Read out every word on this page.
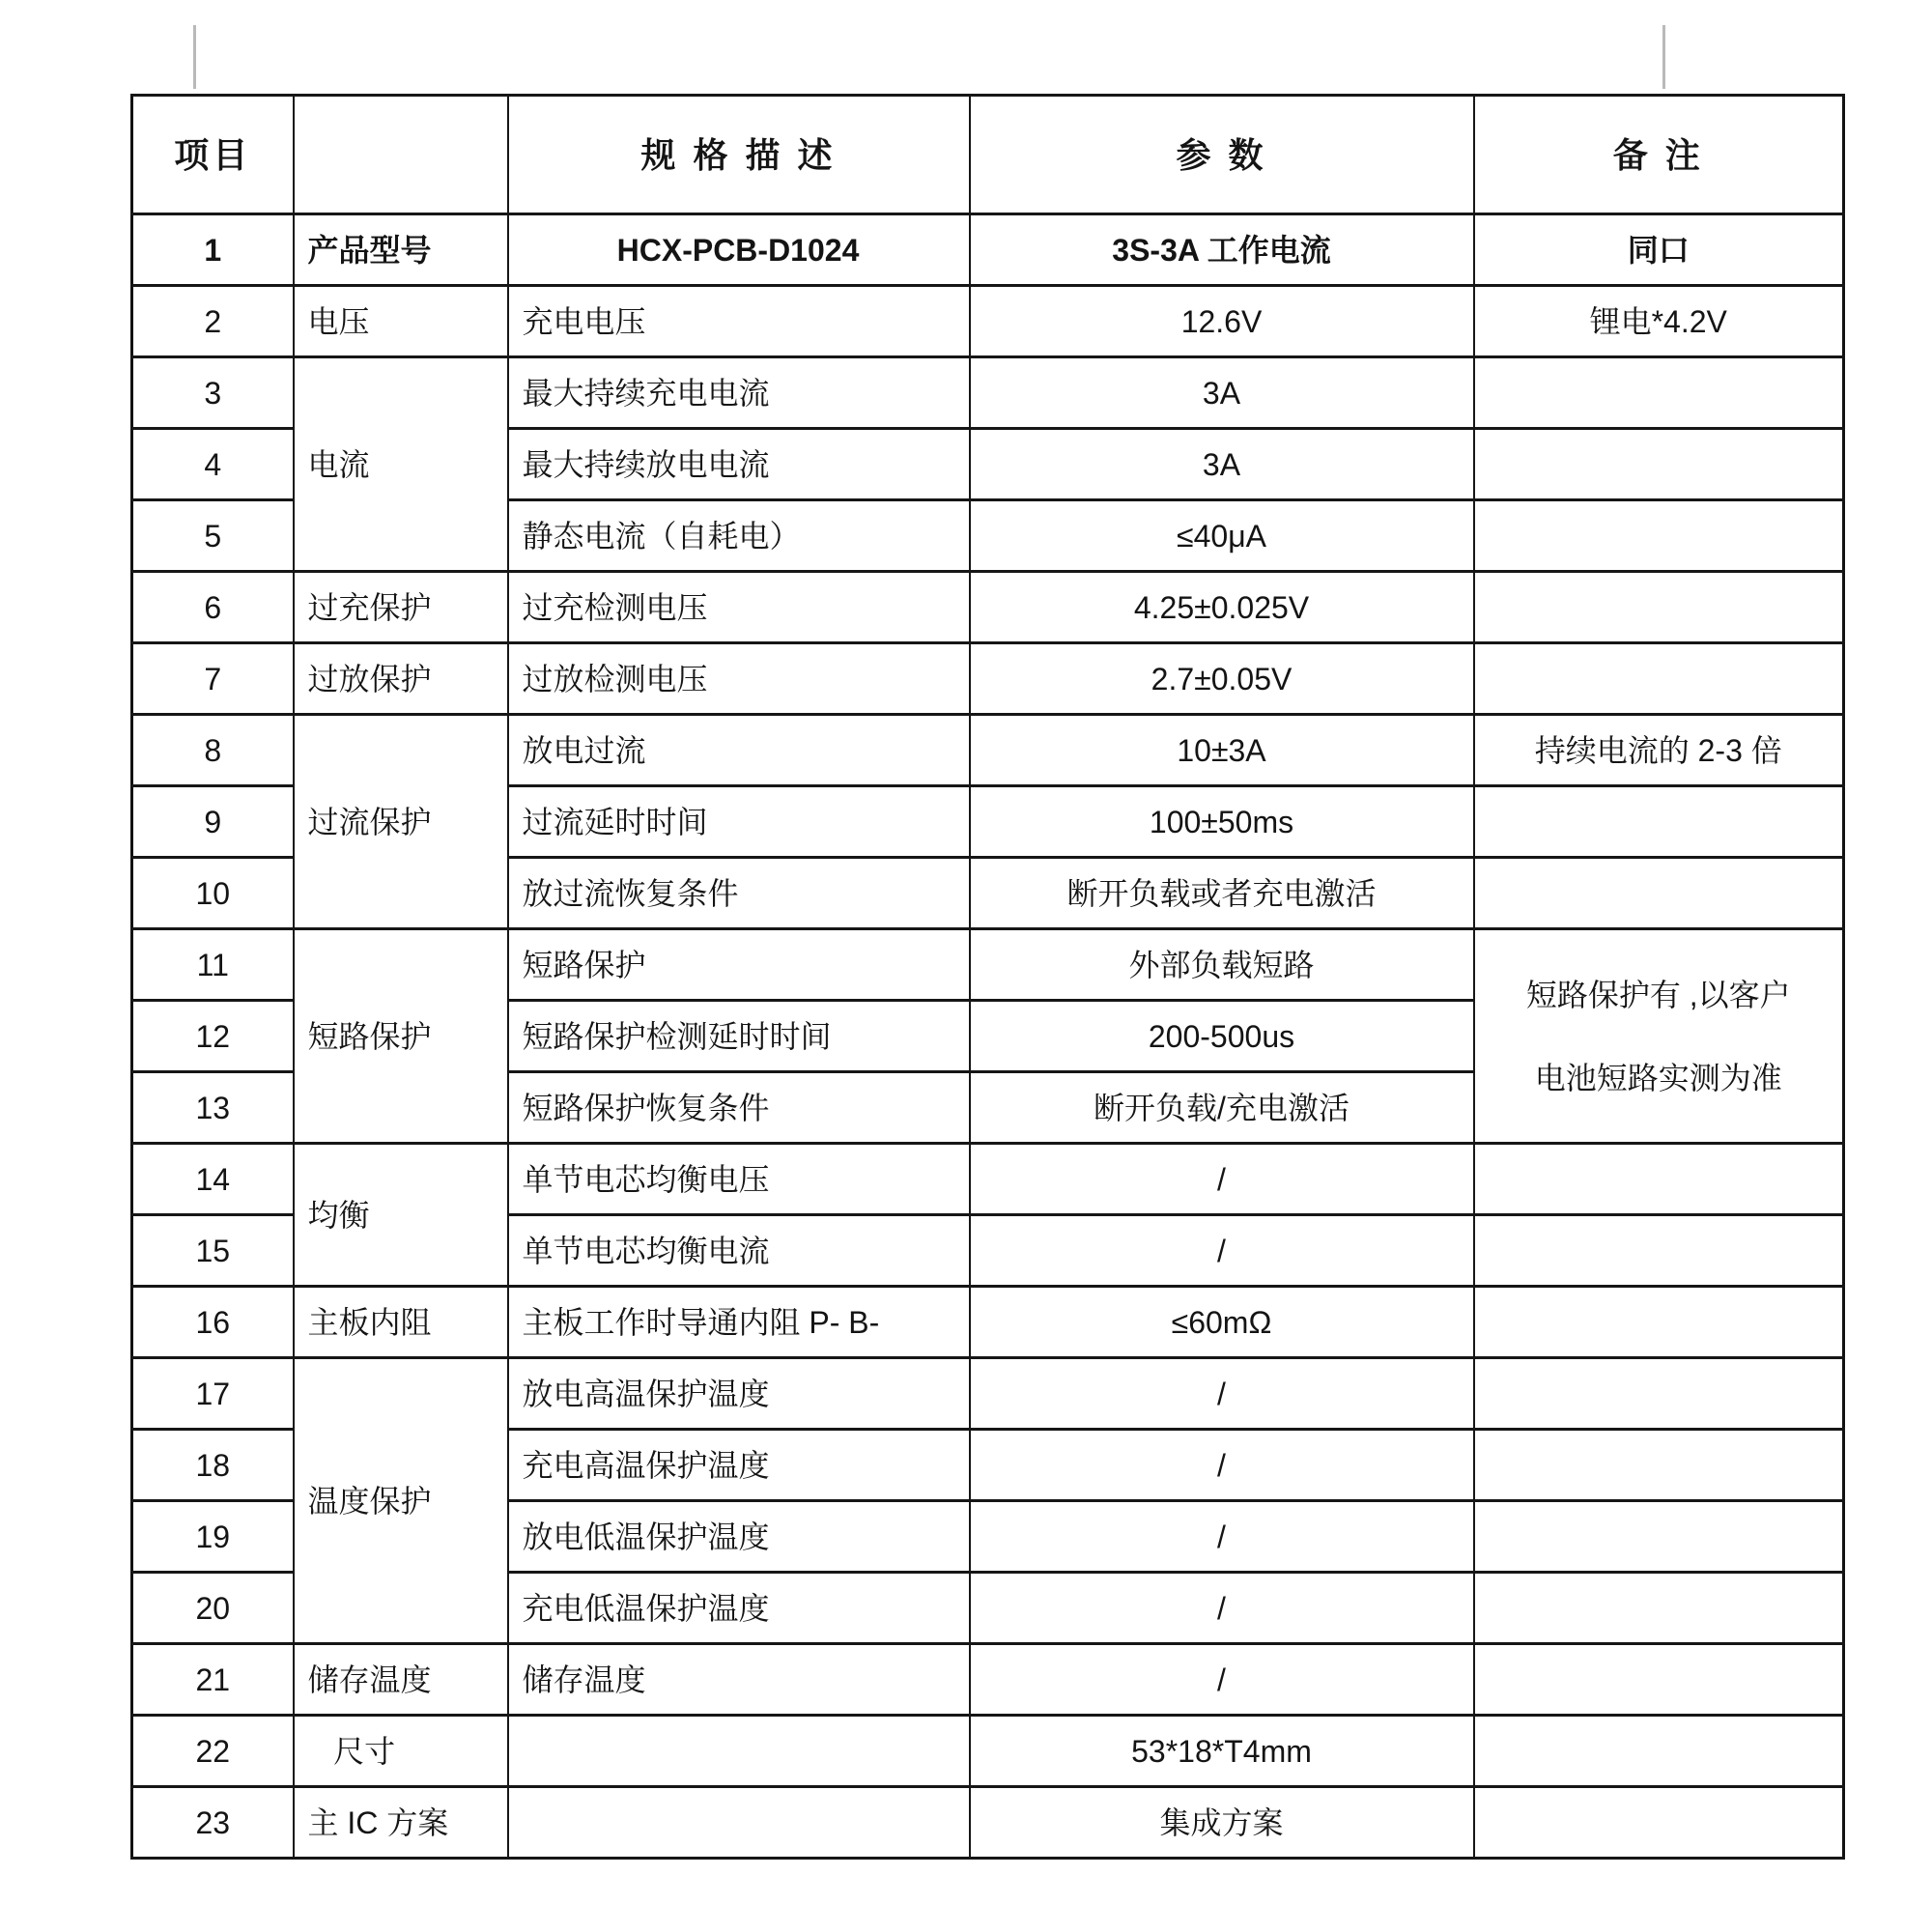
项目		规 格 描 述	参 数	备 注
1	产品型号	HCX-PCB-D1024	3S-3A 工作电流	同口
2	电压	充电电压	12.6V	锂电*4.2V
3	电流	最大持续充电电流	3A	
4		最大持续放电电流	3A	
5		静态电流（自耗电）	≤40μA	
6	过充保护	过充检测电压	4.25±0.025V	
7	过放保护	过放检测电压	2.7±0.05V	
8	过流保护	放电过流	10±3A	持续电流的 2-3 倍
9		过流延时时间	100±50ms	
10		放过流恢复条件	断开负载或者充电激活	
11	短路保护	短路保护	外部负载短路	短路保护有 ,以客户
电池短路实测为准

12		短路保护检测延时时间	200-500us	
13		短路保护恢复条件	断开负载/充电激活	
14	均衡	单节电芯均衡电压	/	
15		单节电芯均衡电流	/	
16	主板内阻	主板工作时导通内阻 P- B-	≤60mΩ	
17	温度保护	放电高温保护温度	/	
18		充电高温保护温度	/	
19		放电低温保护温度	/	
20		充电低温保护温度	/	
21	储存温度	储存温度	/	
22	尺寸		53*18*T4mm	
23	主 IC 方案		集成方案	
